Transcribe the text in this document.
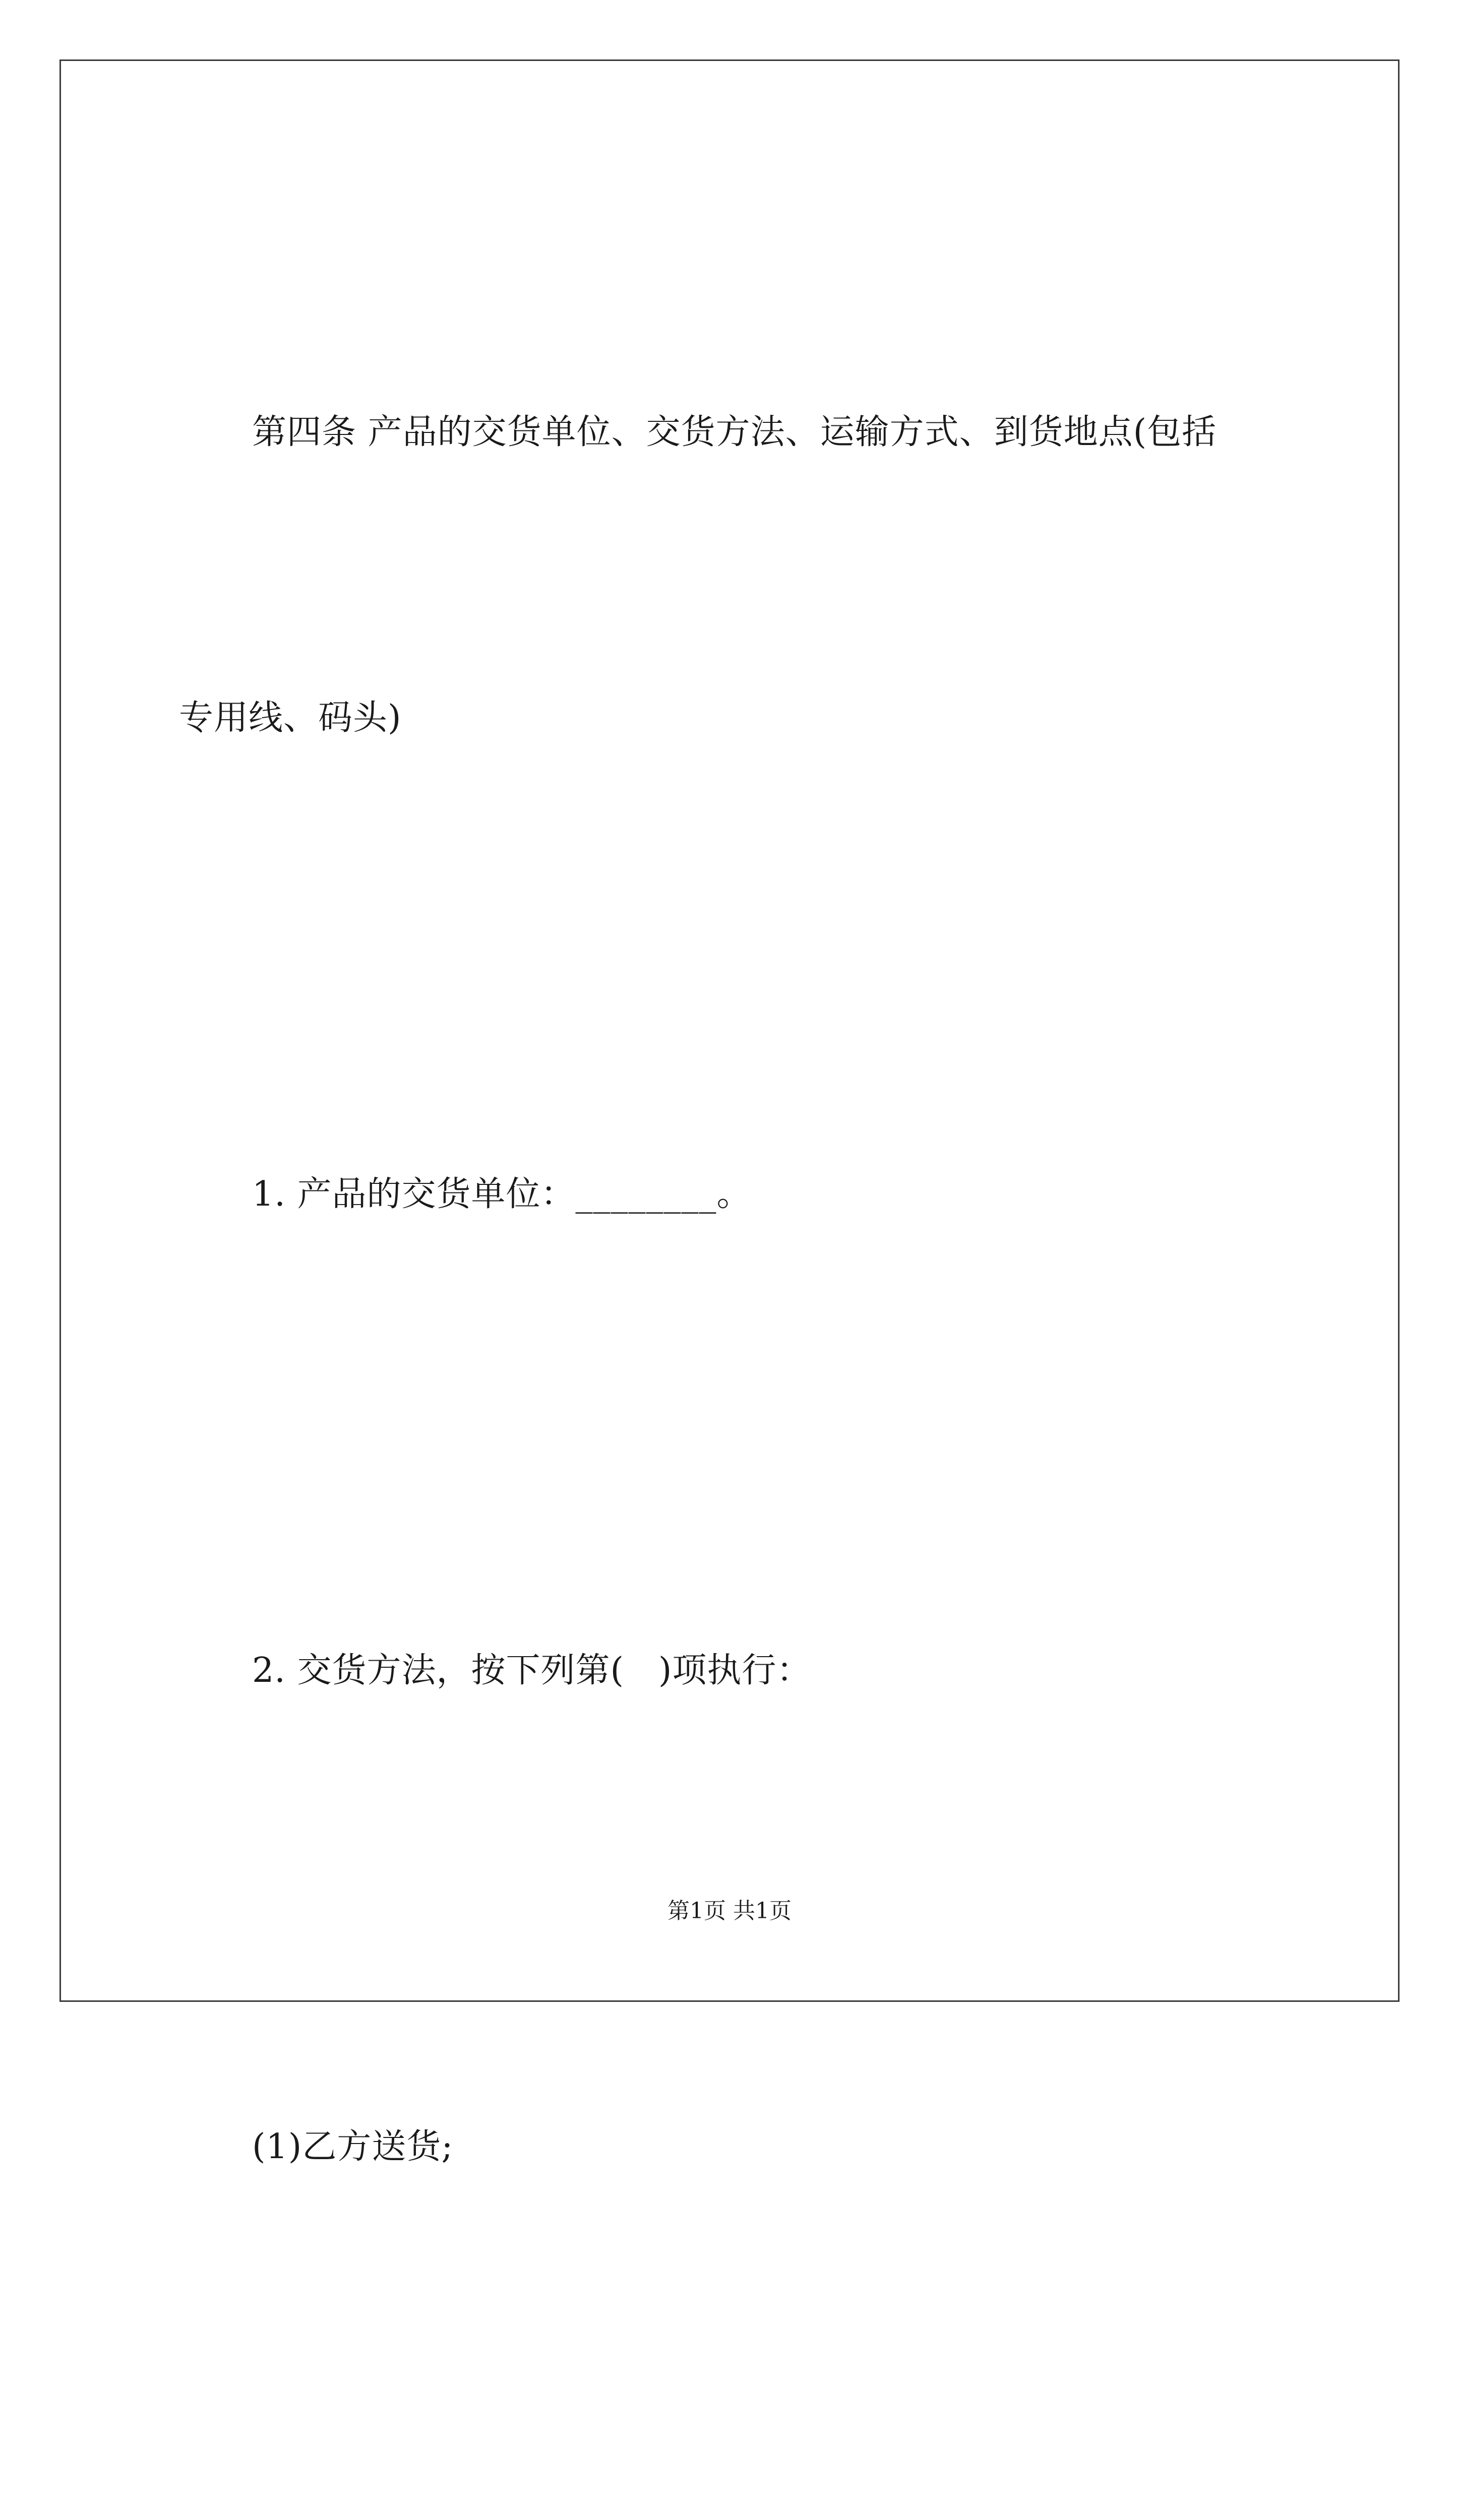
第四条 产品的交货单位、交货方法、运输方式、到货地点(包括

专用线、码头)

1. 产品的交货单位：________。

2. 交货方法，按下列第(   )项执行：

(1)乙方送货;

第1页 共1页
